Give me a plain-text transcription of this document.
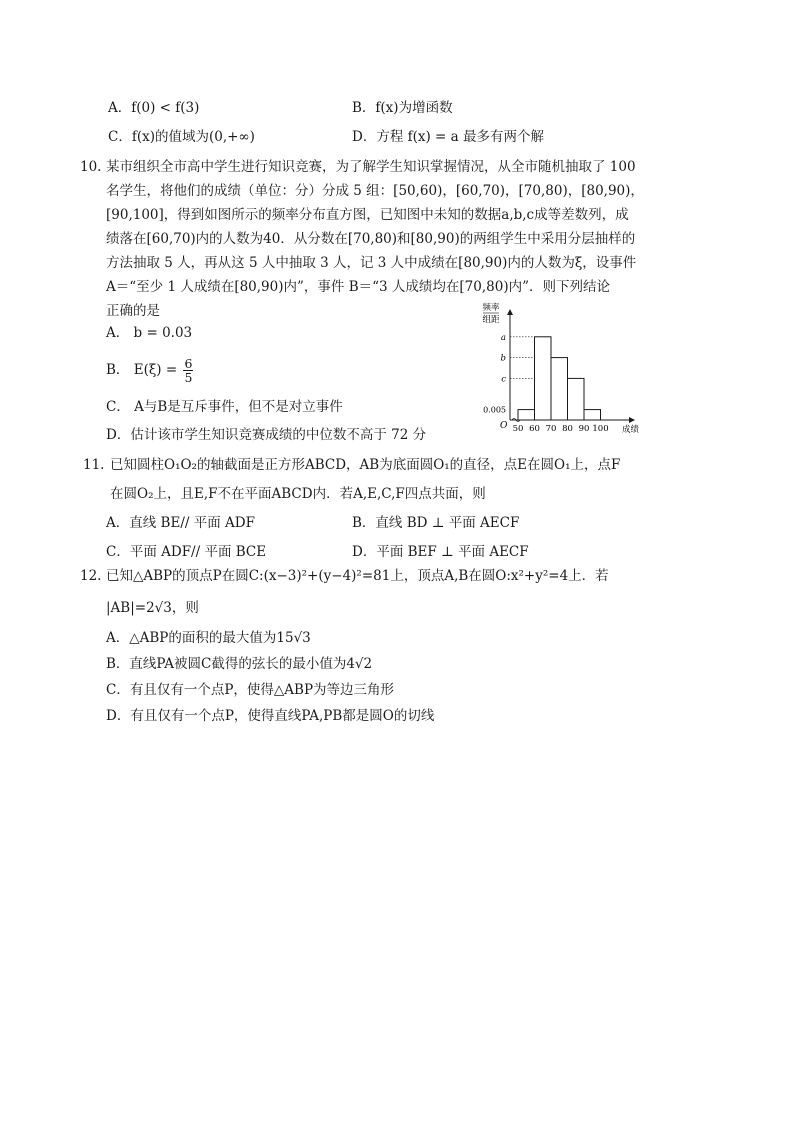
A．f(0) < f(3)	B．f(x)为增函数
C．f(x)的值域为(0,+∞)	D．方程 f(x) = a 最多有两个解
10. 某市组织全市高中学生进行知识竞赛，为了解学生知识掌握情况，从全市随机抽取了 100
名学生，将他们的成绩（单位：分）分成 5 组：[50,60)，[60,70)，[70,80)，[80,90)，
[90,100]，得到如图所示的频率分布直方图，已知图中未知的数据a,b,c成等差数列，成
绩落在[60,70)内的人数为40．从分数在[70,80)和[80,90)的两组学生中采用分层抽样的
方法抽取 5 人，再从这 5 人中抽取 3 人，记 3 人中成绩在[80,90)内的人数为ξ，设事件
A＝“至少 1 人成绩在[80,90)内”，事件 B＝“3 人成绩均在[70,80)内”．则下列结论
正确的是
A． b = 0.03
B． $E(\xi) = \frac{6}{5}$
C． A与B是互斥事件，但不是对立事件
D．估计该市学生知识竞赛成绩的中位数不高于 72 分
频率
组距
O	成绩
50 60 70 80 90 100
a
b
c
0.005
11. 已知圆柱O₁O₂的轴截面是正方形ABCD，AB为底面圆O₁的直径，点E在圆O₁上，点F
在圆O₂上，且E,F不在平面ABCD内．若A,E,C,F四点共面，则
A．直线 BE// 平面 ADF	B．直线 BD ⊥ 平面 AECF
C．平面 ADF// 平面 BCE	D．平面 BEF ⊥ 平面 AECF
12. 已知△ABP的顶点P在圆C:(x−3)²+(y−4)²=81上，顶点A,B在圆O:x²+y²=4上．若
|AB|=2√3，则
A．△ABP的面积的最大值为15√3
B．直线PA被圆C截得的弦长的最小值为4√2
C．有且仅有一个点P，使得△ABP为等边三角形
D．有且仅有一个点P，使得直线PA,PB都是圆O的切线
